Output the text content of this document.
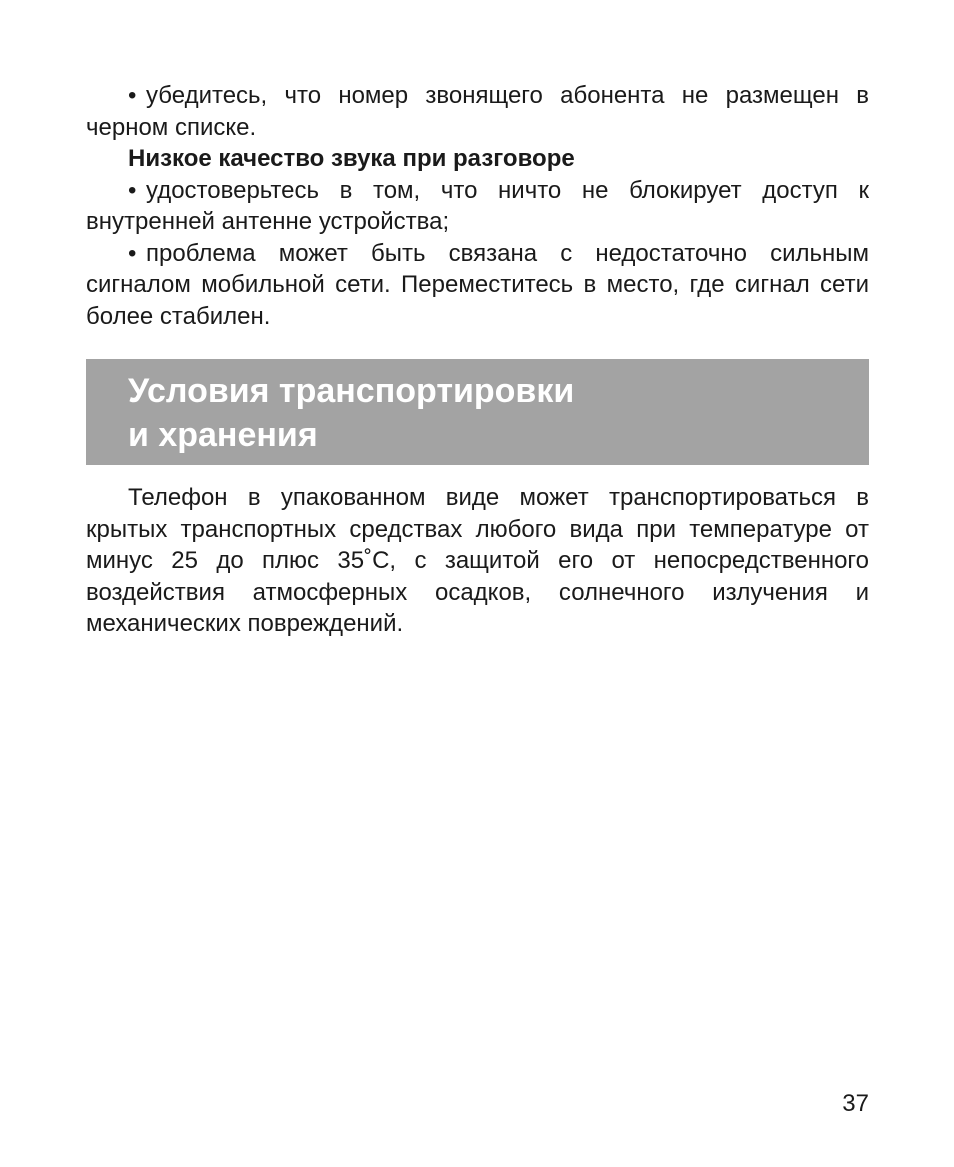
• убедитесь, что номер звонящего абонента не размещен в черном списке.

Низкое качество звука при разговоре

• удостоверьтесь в том, что ничто не блокирует доступ к внутренней антенне устройства;

• проблема может быть связана с недостаточно сильным сигналом мобильной сети. Переместитесь в место, где сигнал сети более стабилен.

Условия транспортировки
и хранения

Телефон в упакованном виде может транспортироваться в крытых транспортных средствах любого вида при температуре от минус 25 до плюс 35˚С, с защитой его от непосредственного воздействия атмосферных осадков, солнечного излучения и механических повреждений.

37
